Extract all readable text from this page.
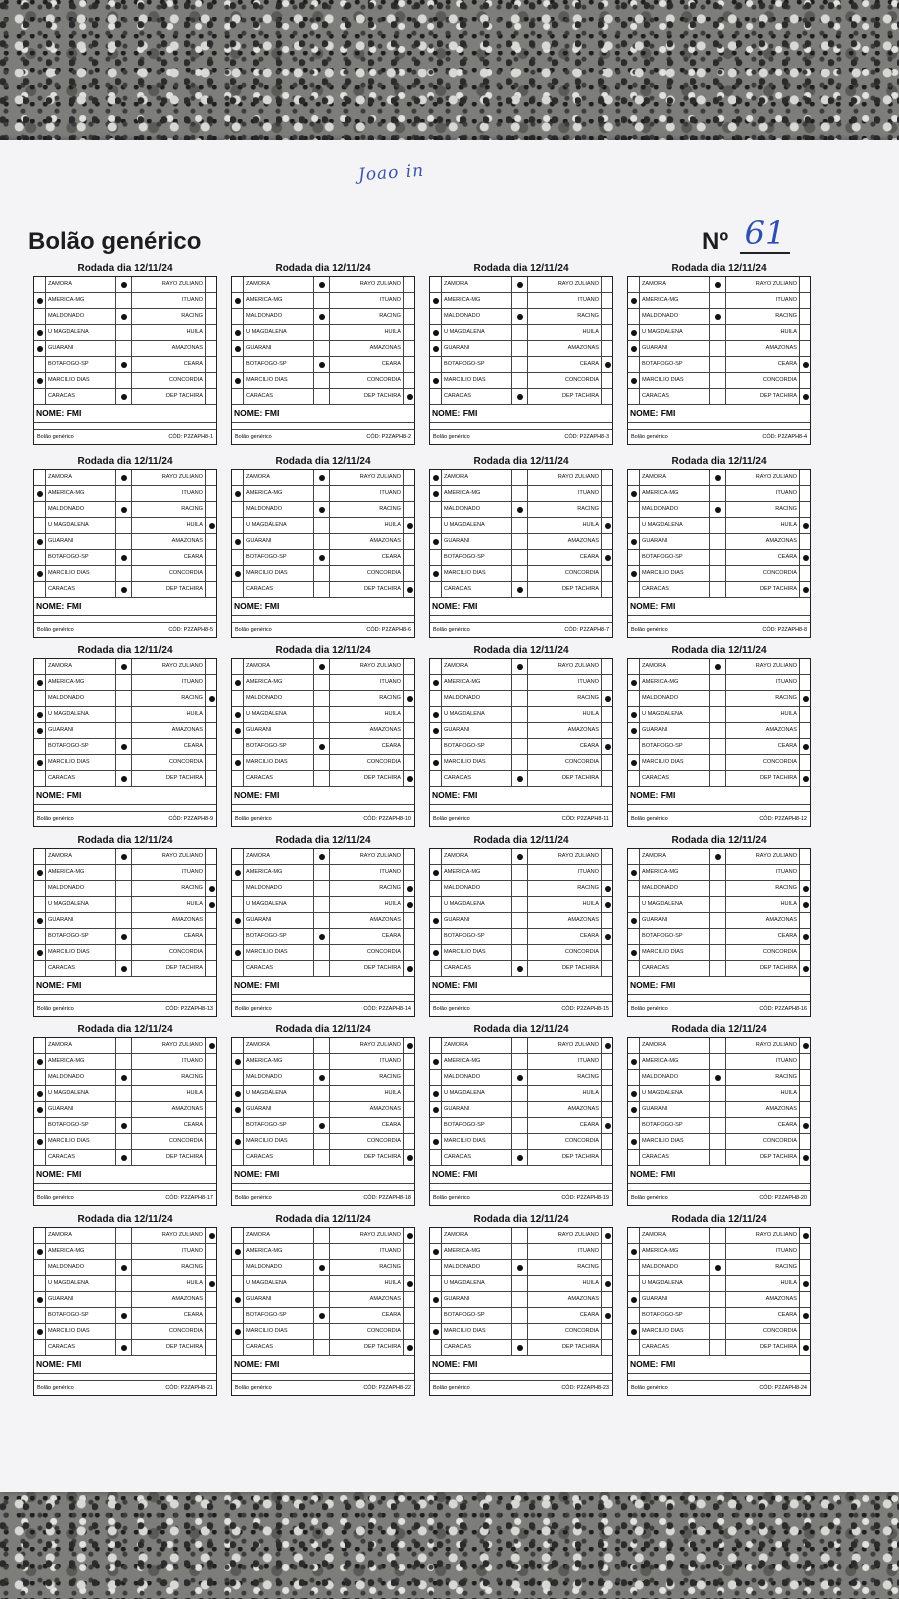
Joao in
Bolão genérico	Nº 61
Rodada dia 12/11/24
ZAMORA	RAYO ZULIANO
AMERICA-MG	ITUANO
MALDONADO	RACING
U MAGDALENA	HUILA
GUARANI	AMAZONAS
BOTAFOGO-SP	CEARA
MARCILIO DIAS	CONCORDIA
CARACAS	DEP TACHIRA
NOME: FMI
Bolão genérico	CÓD: P2ZAPH8-1
Rodada dia 12/11/24
ZAMORA	RAYO ZULIANO
AMERICA-MG	ITUANO
MALDONADO	RACING
U MAGDALENA	HUILA
GUARANI	AMAZONAS
BOTAFOGO-SP	CEARA
MARCILIO DIAS	CONCORDIA
CARACAS	DEP TACHIRA
NOME: FMI
Bolão genérico	CÓD: P2ZAPH8-2
Rodada dia 12/11/24
ZAMORA	RAYO ZULIANO
AMERICA-MG	ITUANO
MALDONADO	RACING
U MAGDALENA	HUILA
GUARANI	AMAZONAS
BOTAFOGO-SP	CEARA
MARCILIO DIAS	CONCORDIA
CARACAS	DEP TACHIRA
NOME: FMI
Bolão genérico	CÓD: P2ZAPH8-3
Rodada dia 12/11/24
ZAMORA	RAYO ZULIANO
AMERICA-MG	ITUANO
MALDONADO	RACING
U MAGDALENA	HUILA
GUARANI	AMAZONAS
BOTAFOGO-SP	CEARA
MARCILIO DIAS	CONCORDIA
CARACAS	DEP TACHIRA
NOME: FMI
Bolão genérico	CÓD: P2ZAPH8-4
Rodada dia 12/11/24
ZAMORA	RAYO ZULIANO
AMERICA-MG	ITUANO
MALDONADO	RACING
U MAGDALENA	HUILA
GUARANI	AMAZONAS
BOTAFOGO-SP	CEARA
MARCILIO DIAS	CONCORDIA
CARACAS	DEP TACHIRA
NOME: FMI
Bolão genérico	CÓD: P2ZAPH8-5
Rodada dia 12/11/24
ZAMORA	RAYO ZULIANO
AMERICA-MG	ITUANO
MALDONADO	RACING
U MAGDALENA	HUILA
GUARANI	AMAZONAS
BOTAFOGO-SP	CEARA
MARCILIO DIAS	CONCORDIA
CARACAS	DEP TACHIRA
NOME: FMI
Bolão genérico	CÓD: P2ZAPH8-6
Rodada dia 12/11/24
ZAMORA	RAYO ZULIANO
AMERICA-MG	ITUANO
MALDONADO	RACING
U MAGDALENA	HUILA
GUARANI	AMAZONAS
BOTAFOGO-SP	CEARA
MARCILIO DIAS	CONCORDIA
CARACAS	DEP TACHIRA
NOME: FMI
Bolão genérico	CÓD: P2ZAPH8-7
Rodada dia 12/11/24
ZAMORA	RAYO ZULIANO
AMERICA-MG	ITUANO
MALDONADO	RACING
U MAGDALENA	HUILA
GUARANI	AMAZONAS
BOTAFOGO-SP	CEARA
MARCILIO DIAS	CONCORDIA
CARACAS	DEP TACHIRA
NOME: FMI
Bolão genérico	CÓD: P2ZAPH8-8
Rodada dia 12/11/24
ZAMORA	RAYO ZULIANO
AMERICA-MG	ITUANO
MALDONADO	RACING
U MAGDALENA	HUILA
GUARANI	AMAZONAS
BOTAFOGO-SP	CEARA
MARCILIO DIAS	CONCORDIA
CARACAS	DEP TACHIRA
NOME: FMI
Bolão genérico	CÓD: P2ZAPH8-9
Rodada dia 12/11/24
ZAMORA	RAYO ZULIANO
AMERICA-MG	ITUANO
MALDONADO	RACING
U MAGDALENA	HUILA
GUARANI	AMAZONAS
BOTAFOGO-SP	CEARA
MARCILIO DIAS	CONCORDIA
CARACAS	DEP TACHIRA
NOME: FMI
Bolão genérico	CÓD: P2ZAPH8-10
Rodada dia 12/11/24
ZAMORA	RAYO ZULIANO
AMERICA-MG	ITUANO
MALDONADO	RACING
U MAGDALENA	HUILA
GUARANI	AMAZONAS
BOTAFOGO-SP	CEARA
MARCILIO DIAS	CONCORDIA
CARACAS	DEP TACHIRA
NOME: FMI
Bolão genérico	CÓD: P2ZAPH8-11
Rodada dia 12/11/24
ZAMORA	RAYO ZULIANO
AMERICA-MG	ITUANO
MALDONADO	RACING
U MAGDALENA	HUILA
GUARANI	AMAZONAS
BOTAFOGO-SP	CEARA
MARCILIO DIAS	CONCORDIA
CARACAS	DEP TACHIRA
NOME: FMI
Bolão genérico	CÓD: P2ZAPH8-12
Rodada dia 12/11/24
ZAMORA	RAYO ZULIANO
AMERICA-MG	ITUANO
MALDONADO	RACING
U MAGDALENA	HUILA
GUARANI	AMAZONAS
BOTAFOGO-SP	CEARA
MARCILIO DIAS	CONCORDIA
CARACAS	DEP TACHIRA
NOME: FMI
Bolão genérico	CÓD: P2ZAPH8-13
Rodada dia 12/11/24
ZAMORA	RAYO ZULIANO
AMERICA-MG	ITUANO
MALDONADO	RACING
U MAGDALENA	HUILA
GUARANI	AMAZONAS
BOTAFOGO-SP	CEARA
MARCILIO DIAS	CONCORDIA
CARACAS	DEP TACHIRA
NOME: FMI
Bolão genérico	CÓD: P2ZAPH8-14
Rodada dia 12/11/24
ZAMORA	RAYO ZULIANO
AMERICA-MG	ITUANO
MALDONADO	RACING
U MAGDALENA	HUILA
GUARANI	AMAZONAS
BOTAFOGO-SP	CEARA
MARCILIO DIAS	CONCORDIA
CARACAS	DEP TACHIRA
NOME: FMI
Bolão genérico	CÓD: P2ZAPH8-15
Rodada dia 12/11/24
ZAMORA	RAYO ZULIANO
AMERICA-MG	ITUANO
MALDONADO	RACING
U MAGDALENA	HUILA
GUARANI	AMAZONAS
BOTAFOGO-SP	CEARA
MARCILIO DIAS	CONCORDIA
CARACAS	DEP TACHIRA
NOME: FMI
Bolão genérico	CÓD: P2ZAPH8-16
Rodada dia 12/11/24
ZAMORA	RAYO ZULIANO
AMERICA-MG	ITUANO
MALDONADO	RACING
U MAGDALENA	HUILA
GUARANI	AMAZONAS
BOTAFOGO-SP	CEARA
MARCILIO DIAS	CONCORDIA
CARACAS	DEP TACHIRA
NOME: FMI
Bolão genérico	CÓD: P2ZAPH8-17
Rodada dia 12/11/24
ZAMORA	RAYO ZULIANO
AMERICA-MG	ITUANO
MALDONADO	RACING
U MAGDALENA	HUILA
GUARANI	AMAZONAS
BOTAFOGO-SP	CEARA
MARCILIO DIAS	CONCORDIA
CARACAS	DEP TACHIRA
NOME: FMI
Bolão genérico	CÓD: P2ZAPH8-18
Rodada dia 12/11/24
ZAMORA	RAYO ZULIANO
AMERICA-MG	ITUANO
MALDONADO	RACING
U MAGDALENA	HUILA
GUARANI	AMAZONAS
BOTAFOGO-SP	CEARA
MARCILIO DIAS	CONCORDIA
CARACAS	DEP TACHIRA
NOME: FMI
Bolão genérico	CÓD: P2ZAPH8-19
Rodada dia 12/11/24
ZAMORA	RAYO ZULIANO
AMERICA-MG	ITUANO
MALDONADO	RACING
U MAGDALENA	HUILA
GUARANI	AMAZONAS
BOTAFOGO-SP	CEARA
MARCILIO DIAS	CONCORDIA
CARACAS	DEP TACHIRA
NOME: FMI
Bolão genérico	CÓD: P2ZAPH8-20
Rodada dia 12/11/24
ZAMORA	RAYO ZULIANO
AMERICA-MG	ITUANO
MALDONADO	RACING
U MAGDALENA	HUILA
GUARANI	AMAZONAS
BOTAFOGO-SP	CEARA
MARCILIO DIAS	CONCORDIA
CARACAS	DEP TACHIRA
NOME: FMI
Bolão genérico	CÓD: P2ZAPH8-21
Rodada dia 12/11/24
ZAMORA	RAYO ZULIANO
AMERICA-MG	ITUANO
MALDONADO	RACING
U MAGDALENA	HUILA
GUARANI	AMAZONAS
BOTAFOGO-SP	CEARA
MARCILIO DIAS	CONCORDIA
CARACAS	DEP TACHIRA
NOME: FMI
Bolão genérico	CÓD: P2ZAPH8-22
Rodada dia 12/11/24
ZAMORA	RAYO ZULIANO
AMERICA-MG	ITUANO
MALDONADO	RACING
U MAGDALENA	HUILA
GUARANI	AMAZONAS
BOTAFOGO-SP	CEARA
MARCILIO DIAS	CONCORDIA
CARACAS	DEP TACHIRA
NOME: FMI
Bolão genérico	CÓD: P2ZAPH8-23
Rodada dia 12/11/24
ZAMORA	RAYO ZULIANO
AMERICA-MG	ITUANO
MALDONADO	RACING
U MAGDALENA	HUILA
GUARANI	AMAZONAS
BOTAFOGO-SP	CEARA
MARCILIO DIAS	CONCORDIA
CARACAS	DEP TACHIRA
NOME: FMI
Bolão genérico	CÓD: P2ZAPH8-24
